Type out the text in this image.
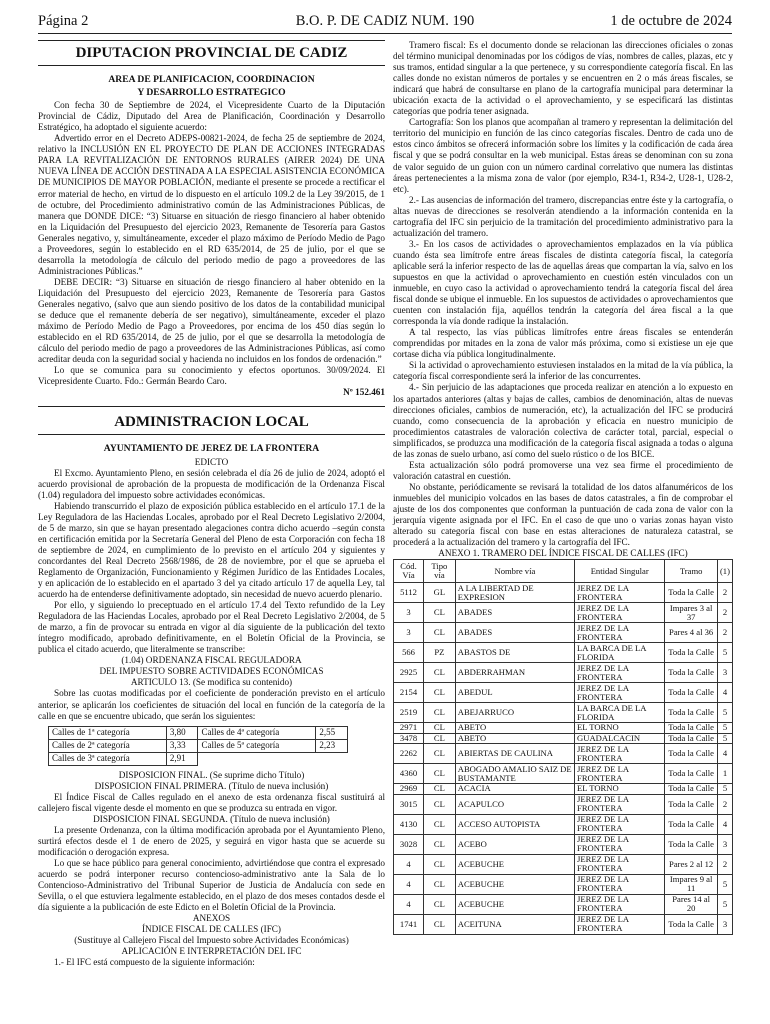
Página 2	B.O. P. DE CADIZ NUM. 190	1 de octubre de 2024
DIPUTACION PROVINCIAL DE CADIZ
AREA DE PLANIFICACION, COORDINACION
Y DESARROLLO ESTRATEGICO

Con fecha 30 de Septiembre de 2024, el Vicepresidente Cuarto de la Diputación Provincial de Cádiz, Diputado del Area de Planificación, Coordinación y Desarrollo Estratégico, ha adoptado el siguiente acuerdo:

Advertido error en el Decreto ADEPS-00821-2024, de fecha 25 de septiembre de 2024, relativo la INCLUSIÓN EN EL PROYECTO DE PLAN DE ACCIONES INTEGRADAS PARA LA REVITALIZACIÓN DE ENTORNOS RURALES (AIRER 2024) DE UNA NUEVA LÍNEA DE ACCIÓN DESTINADA A LA ESPECIAL ASISTENCIA ECONÓMICA DE MUNICIPIOS DE MAYOR POBLACIÓN, mediante el presente se procede a rectificar el error material de hecho, en virtud de lo dispuesto en el artículo 109.2 de la Ley 39/2015, de 1 de octubre, del Procedimiento administrativo común de las Administraciones Públicas, de manera que DONDE DICE: “3) Situarse en situación de riesgo financiero al haber obtenido en la Liquidación del Presupuesto del ejercicio 2023, Remanente de Tesorería para Gastos Generales negativo, y, simultáneamente, exceder el plazo máximo de Período Medio de Pago a Proveedores, según lo establecido en el RD 635/2014, de 25 de julio, por el que se desarrolla la metodología de cálculo del periodo medio de pago a proveedores de las Administraciones Públicas.”

DEBE DECIR: “3) Situarse en situación de riesgo financiero al haber obtenido en la Liquidación del Presupuesto del ejercicio 2023, Remanente de Tesorería para Gastos Generales negativo, (salvo que aun siendo positivo de los datos de la contabilidad municipal se deduce que el remanente debería de ser negativo), simultáneamente, exceder el plazo máximo de Período Medio de Pago a Proveedores, por encima de los 450 días según lo establecido en el RD 635/2014, de 25 de julio, por el que se desarrolla la metodología de cálculo del periodo medio de pago a proveedores de las Administraciones Públicas, así como acreditar deuda con la seguridad social y hacienda no incluidos en los fondos de ordenación.”

Lo que se comunica para su conocimiento y efectos oportunos. 30/09/2024. El Vicepresidente Cuarto. Fdo.: Germán Beardo Caro.

Nº 152.461
ADMINISTRACION LOCAL
AYUNTAMIENTO DE JEREZ DE LA FRONTERA

EDICTO

El Excmo. Ayuntamiento Pleno, en sesión celebrada el día 26 de julio de 2024, adoptó el acuerdo provisional de aprobación de la propuesta de modificación de la Ordenanza Fiscal (1.04) reguladora del impuesto sobre actividades económicas.

Habiendo transcurrido el plazo de exposición pública establecido en el artículo 17.1 de la Ley Reguladora de las Haciendas Locales, aprobado por el Real Decreto Legislativo 2/2004, de 5 de marzo, sin que se hayan presentado alegaciones contra dicho acuerdo –según consta en certificación emitida por la Secretaría General del Pleno de esta Corporación con fecha 18 de septiembre de 2024, en cumplimiento de lo previsto en el artículo 204 y siguientes y concordantes del Real Decreto 2568/1986, de 28 de noviembre, por el que se aprueba el Reglamento de Organización, Funcionamiento y Régimen Jurídico de las Entidades Locales, y en aplicación de lo establecido en el apartado 3 del ya citado artículo 17 de aquella Ley, tal acuerdo ha de entenderse definitivamente adoptado, sin necesidad de nuevo acuerdo plenario.

Por ello, y siguiendo lo preceptuado en el artículo 17.4 del Texto refundido de la Ley Reguladora de las Haciendas Locales, aprobado por el Real Decreto Legislativo 2/2004, de 5 de marzo, a fin de provocar su entrada en vigor al día siguiente de la publicación del texto íntegro modificado, aprobado definitivamente, en el Boletín Oficial de la Provincia, se publica el citado acuerdo, que literalmente se transcribe:

(1.04) ORDENANZA FISCAL REGULADORA

DEL IMPUESTO SOBRE ACTIVIDADES ECONÓMICAS

ARTICULO 13. (Se modifica su contenido)

Sobre las cuotas modificadas por el coeficiente de ponderación previsto en el artículo anterior, se aplicarán los coeficientes de situación del local en función de la categoría de la calle en que se encuentre ubicado, que serán los siguientes:

Calles de 1ª categoría	3,80	Calles de 4ª categoría	2,55
Calles de 2ª categoría	3,33	Calles de 5ª categoría	2,23
Calles de 3ª categoría	2,91		

DISPOSICION FINAL. (Se suprime dicho Título)

DISPOSICION FINAL PRIMERA. (Título de nueva inclusión)

El Índice Fiscal de Calles regulado en el anexo de esta ordenanza fiscal sustituirá al callejero fiscal vigente desde el momento en que se produzca su entrada en vigor.

DISPOSICION FINAL SEGUNDA. (Título de nueva inclusión)

La presente Ordenanza, con la última modificación aprobada por el Ayuntamiento Pleno, surtirá efectos desde el 1 de enero de 2025, y seguirá en vigor hasta que se acuerde su modificación o derogación expresa.

Lo que se hace público para general conocimiento, advirtiéndose que contra el expresado acuerdo se podrá interponer recurso contencioso-administrativo ante la Sala de lo Contencioso-Administrativo del Tribunal Superior de Justicia de Andalucía con sede en Sevilla, o el que estuviera legalmente establecido, en el plazo de dos meses contados desde el día siguiente a la publicación de este Edicto en el Boletín Oficial de la Provincia.

ANEXOS

ÍNDICE FISCAL DE CALLES (IFC)

(Sustituye al Callejero Fiscal del Impuesto sobre Actividades Económicas)

APLICACIÓN E INTERPRETACIÓN DEL IFC

1.- El IFC está compuesto de la siguiente información:

Tramero fiscal: Es el documento donde se relacionan las direcciones oficiales o zonas del término municipal denominadas por los códigos de vías, nombres de calles, plazas, etc y sus tramos, entidad singular a la que pertenece, y su correspondiente categoría fiscal. En las calles donde no existan números de portales y se encuentren en 2 o más áreas fiscales, se indicará que habrá de consultarse en plano de la cartografía municipal para determinar la ubicación exacta de la actividad o el aprovechamiento, y se especificará las distintas categorías que podría tener asignada.

Cartografía: Son los planos que acompañan al tramero y representan la delimitación del territorio del municipio en función de las cinco categorías fiscales. Dentro de cada uno de estos cinco ámbitos se ofrecerá información sobre los límites y la codificación de cada área fiscal y que se podrá consultar en la web municipal. Estas áreas se denominan con su zona de valor seguido de un guion con un número cardinal correlativo que numera las distintas áreas pertenecientes a la misma zona de valor (por ejemplo, R34-1, R34-2, U28-1, U28-2, etc).

2.- Las ausencias de información del tramero, discrepancias entre éste y la cartografía, o altas nuevas de direcciones se resolverán atendiendo a la información contenida en la cartografía del IFC sin perjuicio de la tramitación del procedimiento administrativo para la actualización del tramero.

3.- En los casos de actividades o aprovechamientos emplazados en la vía pública cuando ésta sea limítrofe entre áreas fiscales de distinta categoría fiscal, la categoría aplicable será la inferior respecto de las de aquellas áreas que compartan la vía, salvo en los supuestos en que la actividad o aprovechamiento en cuestión estén vinculados con un inmueble, en cuyo caso la actividad o aprovechamiento tendrá la categoría fiscal del área fiscal donde se ubique el inmueble. En los supuestos de actividades o aprovechamientos que cuenten con instalación fija, aquéllos tendrán la categoría del área fiscal a la que corresponda la vía donde radique la instalación.

A tal respecto, las vías públicas limítrofes entre áreas fiscales se entenderán comprendidas por mitades en la zona de valor más próxima, como si existiese un eje que cortase dicha vía pública longitudinalmente.

Si la actividad o aprovechamiento estuviesen instalados en la mitad de la vía pública, la categoría fiscal correspondiente será la inferior de las concurrentes.

4.- Sin perjuicio de las adaptaciones que proceda realizar en atención a lo expuesto en los apartados anteriores (altas y bajas de calles, cambios de denominación, altas de nuevas direcciones oficiales, cambios de numeración, etc), la actualización del IFC se producirá cuando, como consecuencia de la aprobación y eficacia en nuestro municipio de procedimientos catastrales de valoración colectiva de carácter total, parcial, especial o simplificados, se produzca una modificación de la categoría fiscal asignada a todas o alguna de las zonas de suelo urbano, así como del suelo rústico o de los BICE.

Esta actualización sólo podrá promoverse una vez sea firme el procedimiento de valoración catastral en cuestión.

No obstante, periódicamente se revisará la totalidad de los datos alfanuméricos de los inmuebles del municipio volcados en las bases de datos catastrales, a fin de comprobar el ajuste de los dos componentes que conforman la puntuación de cada zona de valor con la jerarquía vigente asignada por el IFC. En el caso de que uno o varias zonas hayan visto alterado su categoría fiscal con base en estas alteraciones de naturaleza catastral, se procederá a la actualización del tramero y la cartografía del IFC.

ANEXO 1. TRAMERO DEL ÍNDICE FISCAL DE CALLES (IFC)

Cód. Vía	Tipo vía	Nombre vía	Entidad Singular	Tramo	(1)
5112	GL	A LA LIBERTAD DE EXPRESION	JEREZ DE LA FRONTERA	Toda la Calle	2
3	CL	ABADES	JEREZ DE LA FRONTERA	Impares 3 al 37	2
3	CL	ABADES	JEREZ DE LA FRONTERA	Pares 4 al 36	2
566	PZ	ABASTOS DE	LA BARCA DE LA FLORIDA	Toda la Calle	5
2925	CL	ABDERRAHMAN	JEREZ DE LA FRONTERA	Toda la Calle	3
2154	CL	ABEDUL	JEREZ DE LA FRONTERA	Toda la Calle	4
2519	CL	ABEJARRUCO	LA BARCA DE LA FLORIDA	Toda la Calle	5
2971	CL	ABETO	EL TORNO	Toda la Calle	5
3478	CL	ABETO	GUADALCACIN	Toda la Calle	5
2262	CL	ABIERTAS DE CAULINA	JEREZ DE LA FRONTERA	Toda la Calle	4
4360	CL	ABOGADO AMALIO SAIZ DE BUSTAMANTE	JEREZ DE LA FRONTERA	Toda la Calle	1
2969	CL	ACACIA	EL TORNO	Toda la Calle	5
3015	CL	ACAPULCO	JEREZ DE LA FRONTERA	Toda la Calle	2
4130	CL	ACCESO AUTOPISTA	JEREZ DE LA FRONTERA	Toda la Calle	4
3028	CL	ACEBO	JEREZ DE LA FRONTERA	Toda la Calle	3
4	CL	ACEBUCHE	JEREZ DE LA FRONTERA	Pares 2 al 12	2
4	CL	ACEBUCHE	JEREZ DE LA FRONTERA	Impares 9 al 11	5
4	CL	ACEBUCHE	JEREZ DE LA FRONTERA	Pares 14 al 20	5
1741	CL	ACEITUNA	JEREZ DE LA FRONTERA	Toda la Calle	3
